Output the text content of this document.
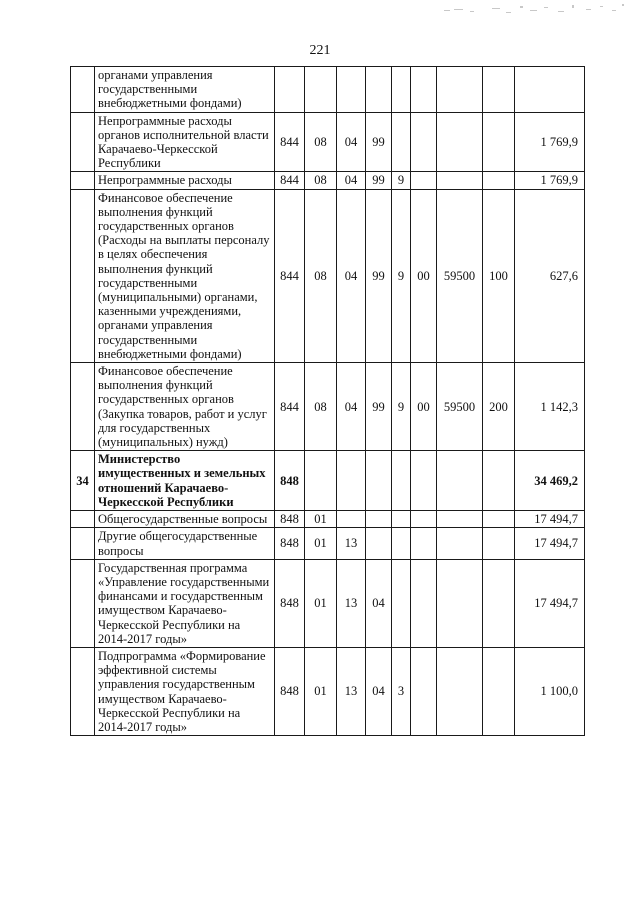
221
	органами управления государственными внебюджетными фондами)									
	Непрограммные расходы органов исполнительной власти Карачаево-Черкесской Республики	844	08	04	99					1 769,9
	Непрограммные расходы	844	08	04	99	9				1 769,9
	Финансовое обеспечение выполнения функций государственных органов (Расходы на выплаты персоналу в целях обеспечения выполнения функций государственными (муниципальными) органами, казенными учреждениями, органами управления государственными внебюджетными фондами)	844	08	04	99	9	00	59500	100	627,6
	Финансовое обеспечение выполнения функций государственных органов (Закупка товаров, работ и услуг для государственных (муниципальных) нужд)	844	08	04	99	9	00	59500	200	1 142,3
34	Министерство имущественных и земельных отношений Карачаево-Черкесской Республики	848								34 469,2
	Общегосударственные вопросы	848	01							17 494,7
	Другие общегосударственные вопросы	848	01	13						17 494,7
	Государственная программа «Управление государственными финансами и государственным имуществом Карачаево-Черкесской Республики на 2014-2017 годы»	848	01	13	04					17 494,7
	Подпрограмма «Формирование эффективной системы управления государственным имуществом Карачаево-Черкесской Республики на 2014-2017 годы»	848	01	13	04	3				1 100,0
